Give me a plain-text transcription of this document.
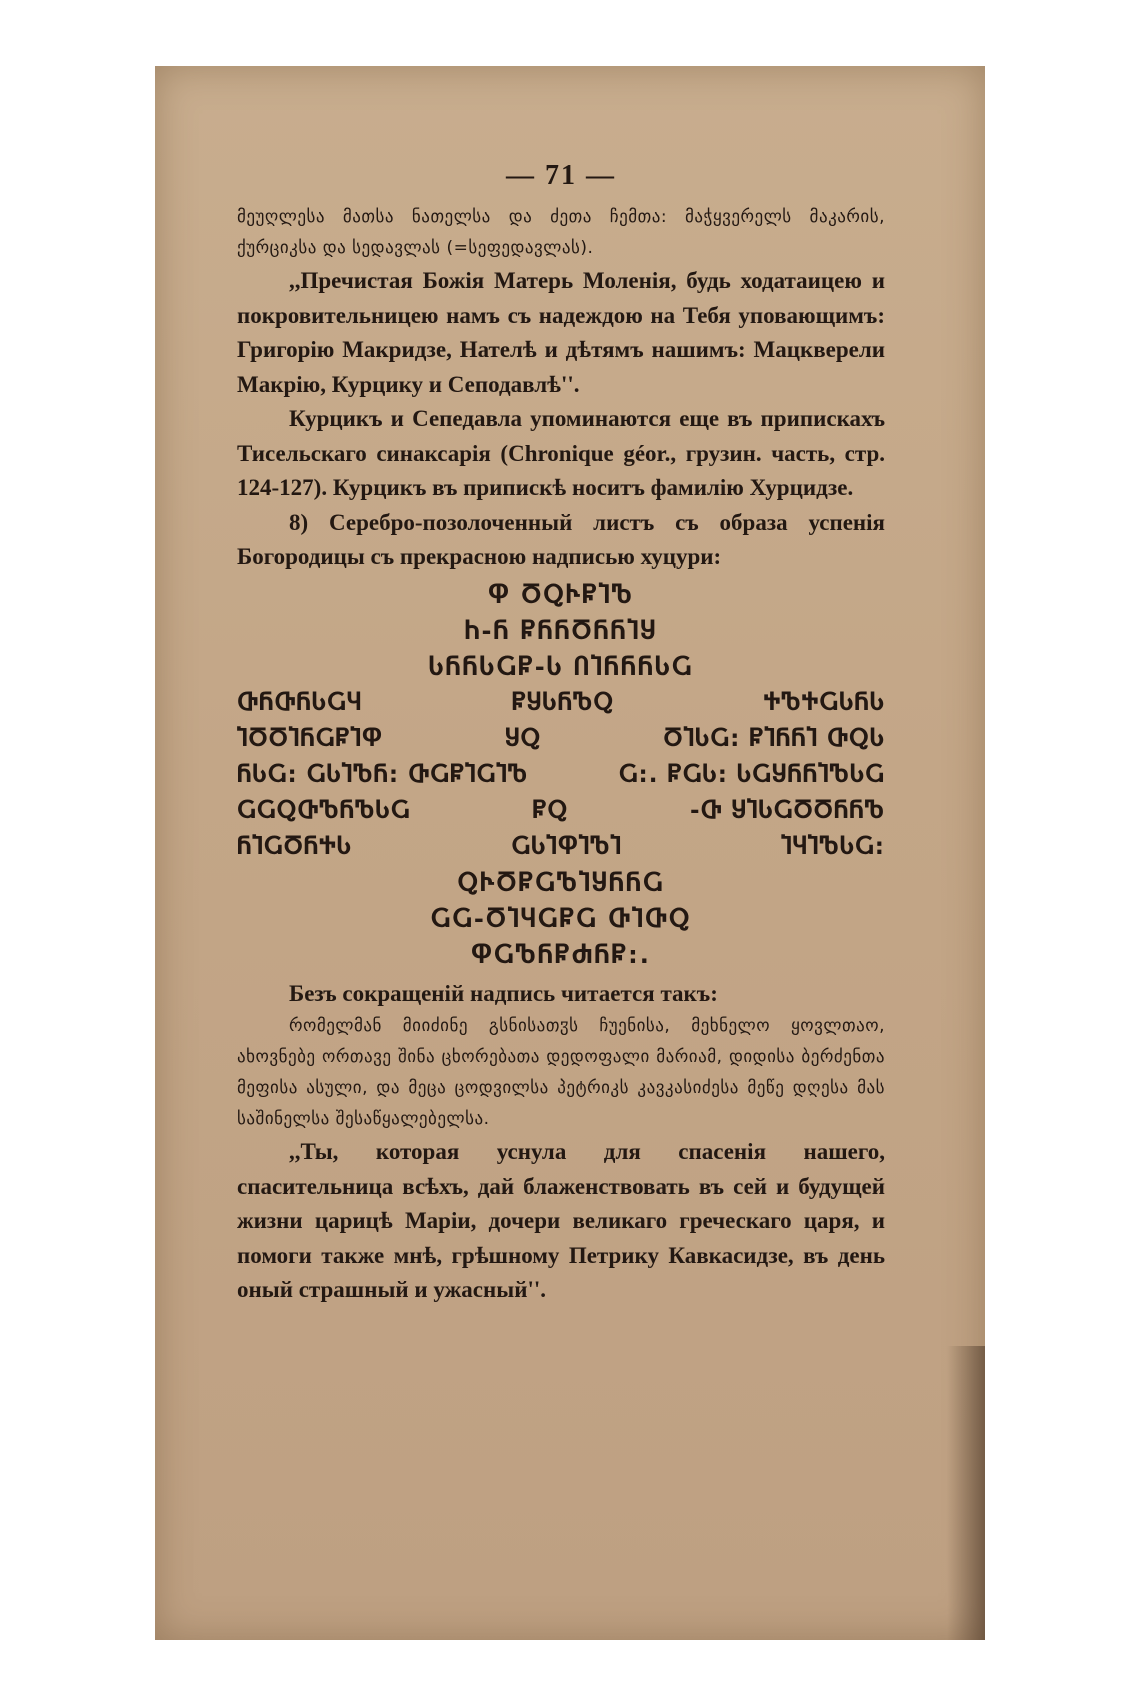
— 71 —

მეუღლესა მათსა ნათელსა და ძეთა ჩემთა: მაჭყვერელს მაკარის, ქურციკსა და სედავლას (=სეფედავლას).

,,Пречистая Божія Матерь Моленія, будь ходатаицею и покровительницею намъ съ надеждою на Тебя уповающимъ: Григорію Макридзе, Нателѣ и дѣтямъ нашимъ: Мацкверели Макрію, Курцику и Сеподавлѣ''.

Курцикъ и Сепедавла упоминаются еще въ припискахъ Тисельскаго синаксарія (Chronique géor., грузин. часть, стр. 124-127). Курцикъ въ припискѣ носитъ фамилію Хурцидзе.

8) Серебро-позолоченный листъ съ образа успенія Богородицы съ прекрасною надписью хуцури:

Ⴔ ႣႭჁႼႨႪ
Ⴙ-Ⴌ ႼႬႬႣႬႬႨႸ
ႱႬႬႱႺႼ-Ⴑ ႶႨႬႬႬႱႺ
ႧႬႧႬႱႺႷ	ႼႸႱႬႪႭ	ႵႪႵႺႱႬႱ
ႨႣႣႨႬႺႼႨႴ	ႸႭ	ႣႨႱႺ: ႼႨႬႬႨ ႧႭႱ
ႬႱႺ: ႺႱႨႪႬ: ႧႺႼႨႺႨႪ	Ⴚ:. ႼႺႱ: ႱႺႸႬႬႨႪႱႺ
ႺႺႭႧႪႬႪႱႺ	ႼႭ	-Ⴇ ႸႨႱႺႣႣႬႬႪ
ႬႨႺႣႬႵႱ	ႺႱႨႴႨႪႨ	ႨႷႨႪႱႺ:
ႭჁႣႼႺႪႨႸႬႬႺ
ႺႺ-ႣႨႷႺႼႺ ႧႨႧႭ
ႴႺႪႬႼႻႬႼ:.

Безъ сокращеній надпись читается такъ:

რომელმან მიიძინე გსნისათჳს ჩუენისა, მეხნელო ყოვლთაო, ახოვნებე ორთავე შინა ცხორებათა დედოფალი მარიამ, დიდისა ბერძენთა მეფისა ასული, და მეცა ცოდვილსა პეტრიკს კავკასიძესა მეწე დღესა მას საშინელსა შესაწყალებელსა.

,,Ты, которая уснула для спасенія нашего, спасительница всѣхъ, дай блаженствовать въ сей и будущей жизни царицѣ Маріи, дочери великаго греческаго царя, и помоги также мнѣ, грѣшному Петрику Кавкасидзе, въ день оный страшный и ужасный''.
